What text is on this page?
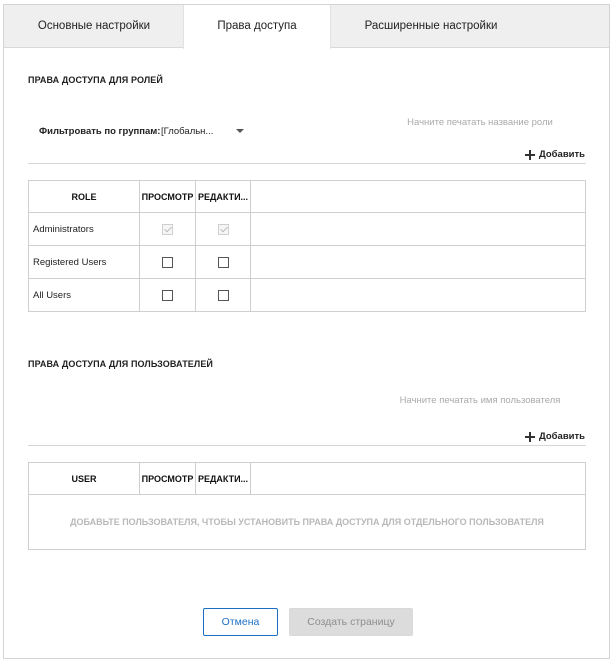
Основные настройки	Права доступа	Расширенные настройки
ПРАВА ДОСТУПА ДЛЯ РОЛЕЙ
Фильтровать по группам: [Глобальн...
Начните печатать название роли
Добавить
ROLE	ПРОСМОТР	РЕДАКТИ...	
Administrators			
Registered Users			
All Users			
ПРАВА ДОСТУПА ДЛЯ ПОЛЬЗОВАТЕЛЕЙ
Начните печатать имя пользователя
Добавить
USER	ПРОСМОТР	РЕДАКТИ...	
ДОБАВЬТЕ ПОЛЬЗОВАТЕЛЯ, ЧТОБЫ УСТАНОВИТЬ ПРАВА ДОСТУПА ДЛЯ ОТДЕЛЬНОГО ПОЛЬЗОВАТЕЛЯ
Отмена	Создать страницу
